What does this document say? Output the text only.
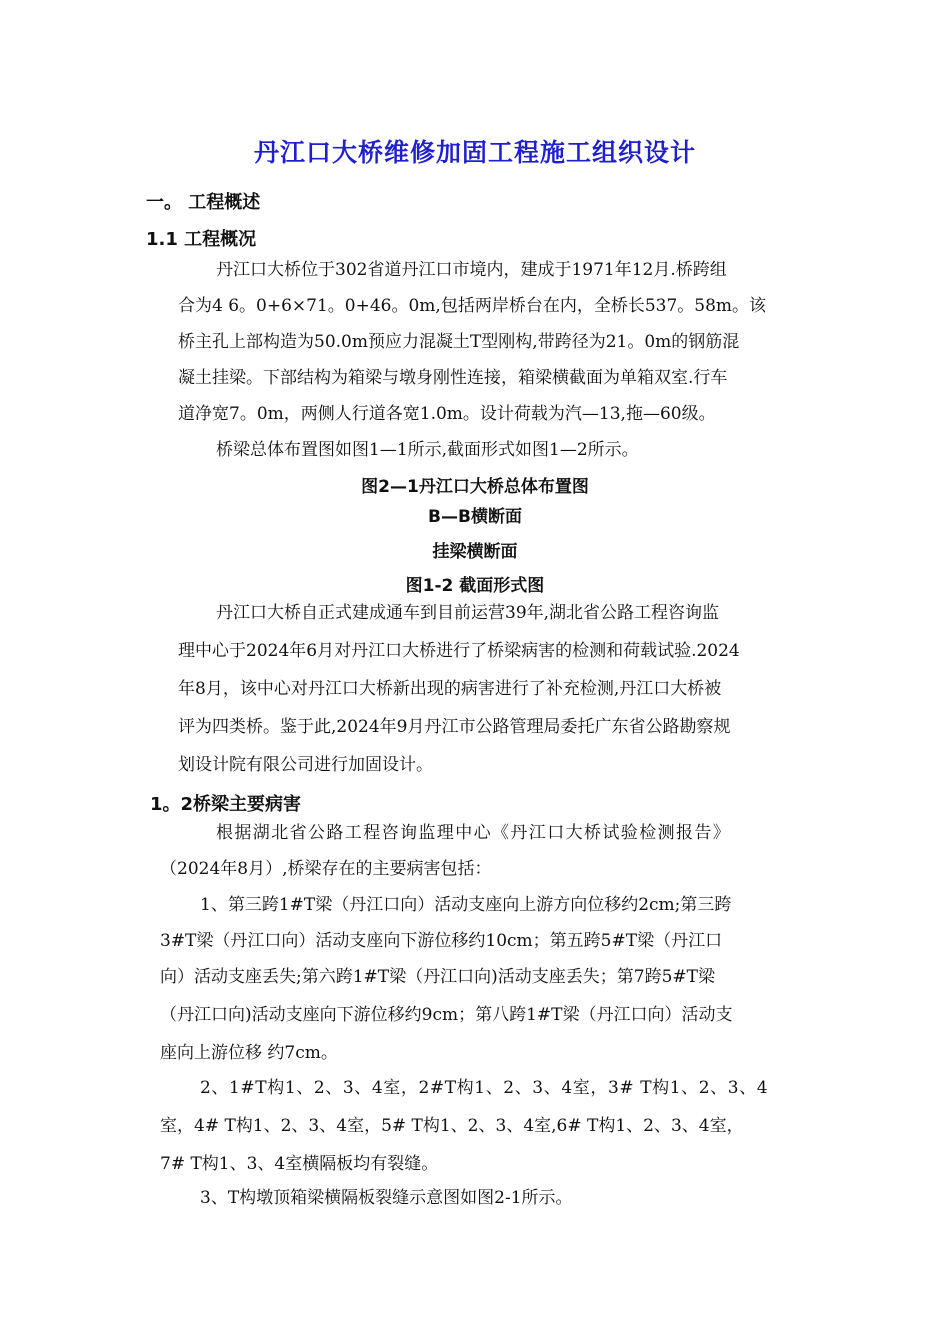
丹江口大桥维修加固工程施工组织设计
一。 工程概述
1.1 工程概况
丹江口大桥位于302省道丹江口市境内，建成于1971年12月.桥跨组
合为4 6。0+6×71。0+46。0m,包括两岸桥台在内，全桥长537。58m。该
桥主孔上部构造为50.0m预应力混凝土T型刚构,带跨径为21。0m的钢筋混
凝土挂梁。下部结构为箱梁与墩身刚性连接，箱梁横截面为单箱双室.行车
道净宽7。0m，两侧人行道各宽1.0m。设计荷载为汽—13,拖—60级。
桥梁总体布置图如图1—1所示,截面形式如图1—2所示。
图2—1丹江口大桥总体布置图
B—B横断面
挂梁横断面
图1-2 截面形式图
丹江口大桥自正式建成通车到目前运营39年,湖北省公路工程咨询监
理中心于2024年6月对丹江口大桥进行了桥梁病害的检测和荷载试验.2024
年8月，该中心对丹江口大桥新出现的病害进行了补充检测,丹江口大桥被
评为四类桥。鉴于此,2024年9月丹江市公路管理局委托广东省公路勘察规
划设计院有限公司进行加固设计。
1。2桥梁主要病害
根据湖北省公路工程咨询监理中心《丹江口大桥试验检测报告》
（2024年8月）,桥梁存在的主要病害包括：
1、第三跨1#T梁（丹江口向）活动支座向上游方向位移约2cm;第三跨
3#T梁（丹江口向）活动支座向下游位移约10cm；第五跨5#T梁（丹江口
向）活动支座丢失;第六跨1#T梁（丹江口向)活动支座丢失；第7跨5#T梁
（丹江口向)活动支座向下游位移约9cm；第八跨1#T梁（丹江口向）活动支
座向上游位移 约7cm。
2、1#T构1、2、3、4室，2#T构1、2、3、4室，3# T构1、2、3、4
室，4# T构1、2、3、4室，5# T构1、2、3、4室,6# T构1、2、3、4室，
7# T构1、3、4室横隔板均有裂缝。
3、T构墩顶箱梁横隔板裂缝示意图如图2-1所示。
